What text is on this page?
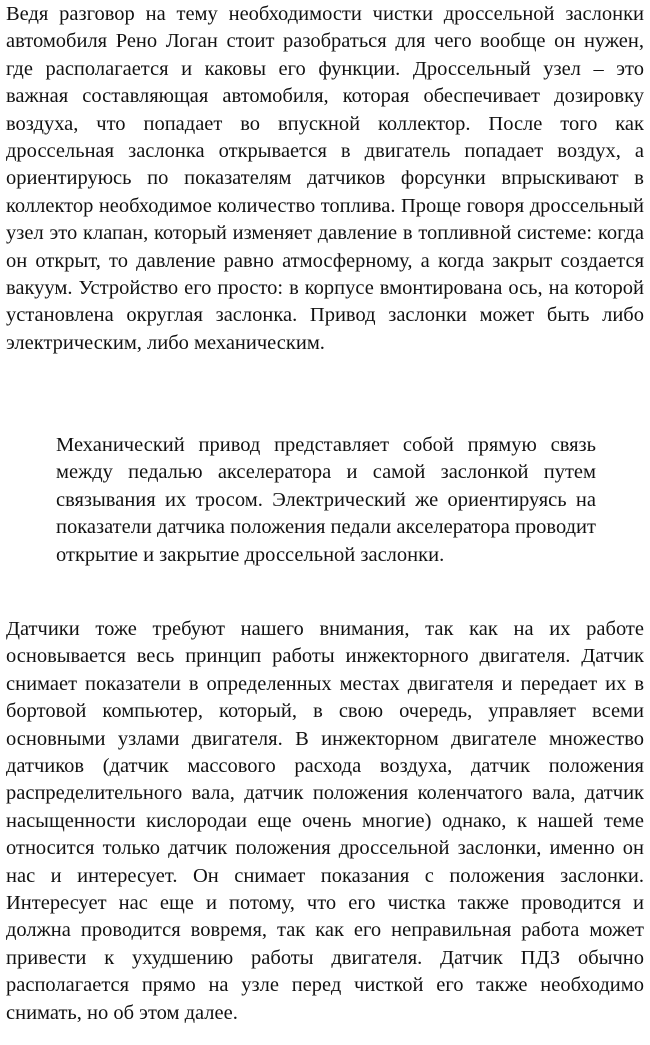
Ведя разговор на тему необходимости чистки дроссельной заслонки автомобиля Рено Логан стоит разобраться для чего вообще он нужен, где располагается и каковы его функции. Дроссельный узел – это важная составляющая автомобиля, которая обеспечивает дозировку воздуха, что попадает во впускной коллектор. После того как дроссельная заслонка открывается в двигатель попадает воздух, а ориентируюсь по показателям датчиков форсунки впрыскивают в коллектор необходимое количество топлива. Проще говоря дроссельный узел это клапан, который изменяет давление в топливной системе: когда он открыт, то давление равно атмосферному, а когда закрыт создается вакуум. Устройство его просто: в корпусе вмонтирована ось, на которой установлена округлая заслонка. Привод заслонки может быть либо электрическим, либо механическим.

Механический привод представляет собой прямую связь между педалью акселератора и самой заслонкой путем связывания их тросом. Электрический же ориентируясь на показатели датчика положения педали акселератора проводит открытие и закрытие дроссельной заслонки.

Датчики тоже требуют нашего внимания, так как на их работе основывается весь принцип работы инжекторного двигателя. Датчик снимает показатели в определенных местах двигателя и передает их в бортовой компьютер, который, в свою очередь, управляет всеми основными узлами двигателя. В инжекторном двигателе множество датчиков (датчик массового расхода воздуха, датчик положения распределительного вала, датчик положения коленчатого вала, датчик насыщенности кислородаи еще очень многие) однако, к нашей теме относится только датчик положения дроссельной заслонки, именно он нас и интересует. Он снимает показания с положения заслонки. Интересует нас еще и потому, что его чистка также проводится и должна проводится вовремя, так как его неправильная работа может привести к ухудшению работы двигателя. Датчик ПДЗ обычно располагается прямо на узле перед чисткой его также необходимо снимать, но об этом далее.
